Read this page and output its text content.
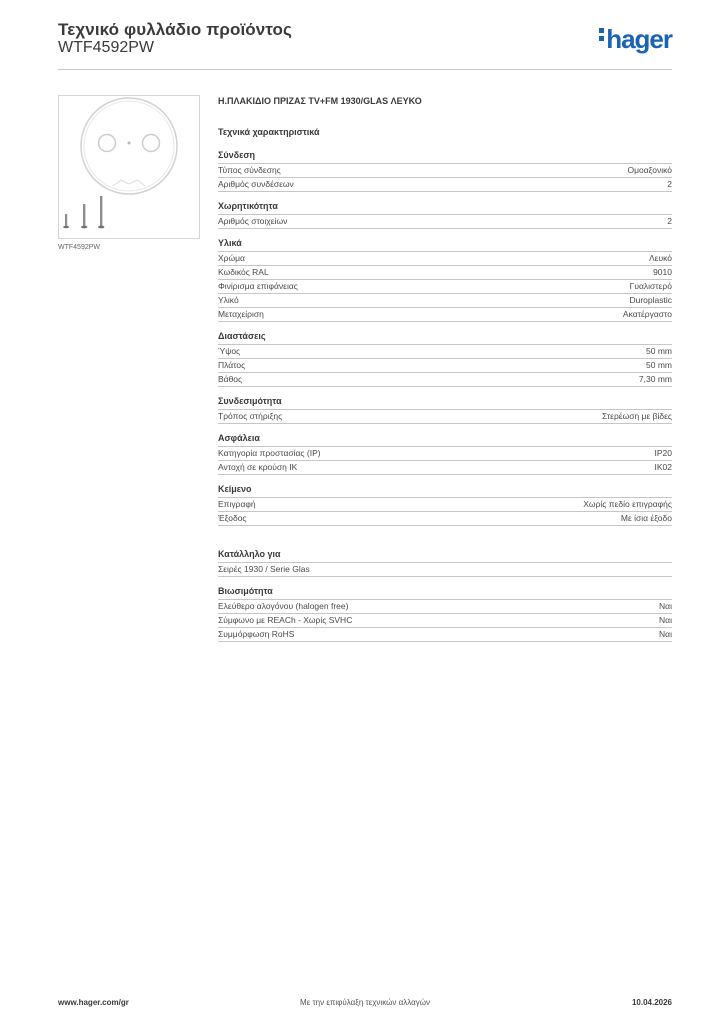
Τεχνικό φυλλάδιο προϊόντος
WTF4592PW	hager
WTF4592PW
Η.ΠΛΑΚΙΔΙΟ ΠΡΙΖΑΣ TV+FM 1930/GLAS ΛΕΥΚΟ
Τεχνικά χαρακτηριστικά
Σύνδεση
Τύπος σύνδεσης	Ομοαξονικό
Αριθμός συνδέσεων	2
Χωρητικότητα
Αριθμός στοιχείων	2
Υλικά
Χρώμα	Λευκό
Κωδικός RAL	9010
Φινίρισμα επιφάνειας	Γυαλιστερό
Υλικό	Duroplastic
Μεταχείριση	Ακατέργαστο
Διαστάσεις
Ύψος	50 mm
Πλάτος	50 mm
Βάθος	7,30 mm
Συνδεσιμότητα
Τρόπος στήριξης	Στερέωση με βίδες
Ασφάλεια
Κατηγορία προστασίας (IP)	IP20
Αντοχή σε κρούση IK	IK02
Κείμενο
Επιγραφή	Χωρίς πεδίο επιγραφής
Έξοδος	Με ίσια έξοδο
Κατάλληλο για
Σειρές 1930 / Serie Glas
Βιωσιμότητα
Ελεύθερο αλογόνου (halogen free)	Ναι
Σύμφωνο με REACh - Χωρίς SVHC	Ναι
Συμμόρφωση RoHS	Ναι
www.hager.com/gr	Με την επιφύλαξη τεχνικών αλλαγών	10.04.2026
